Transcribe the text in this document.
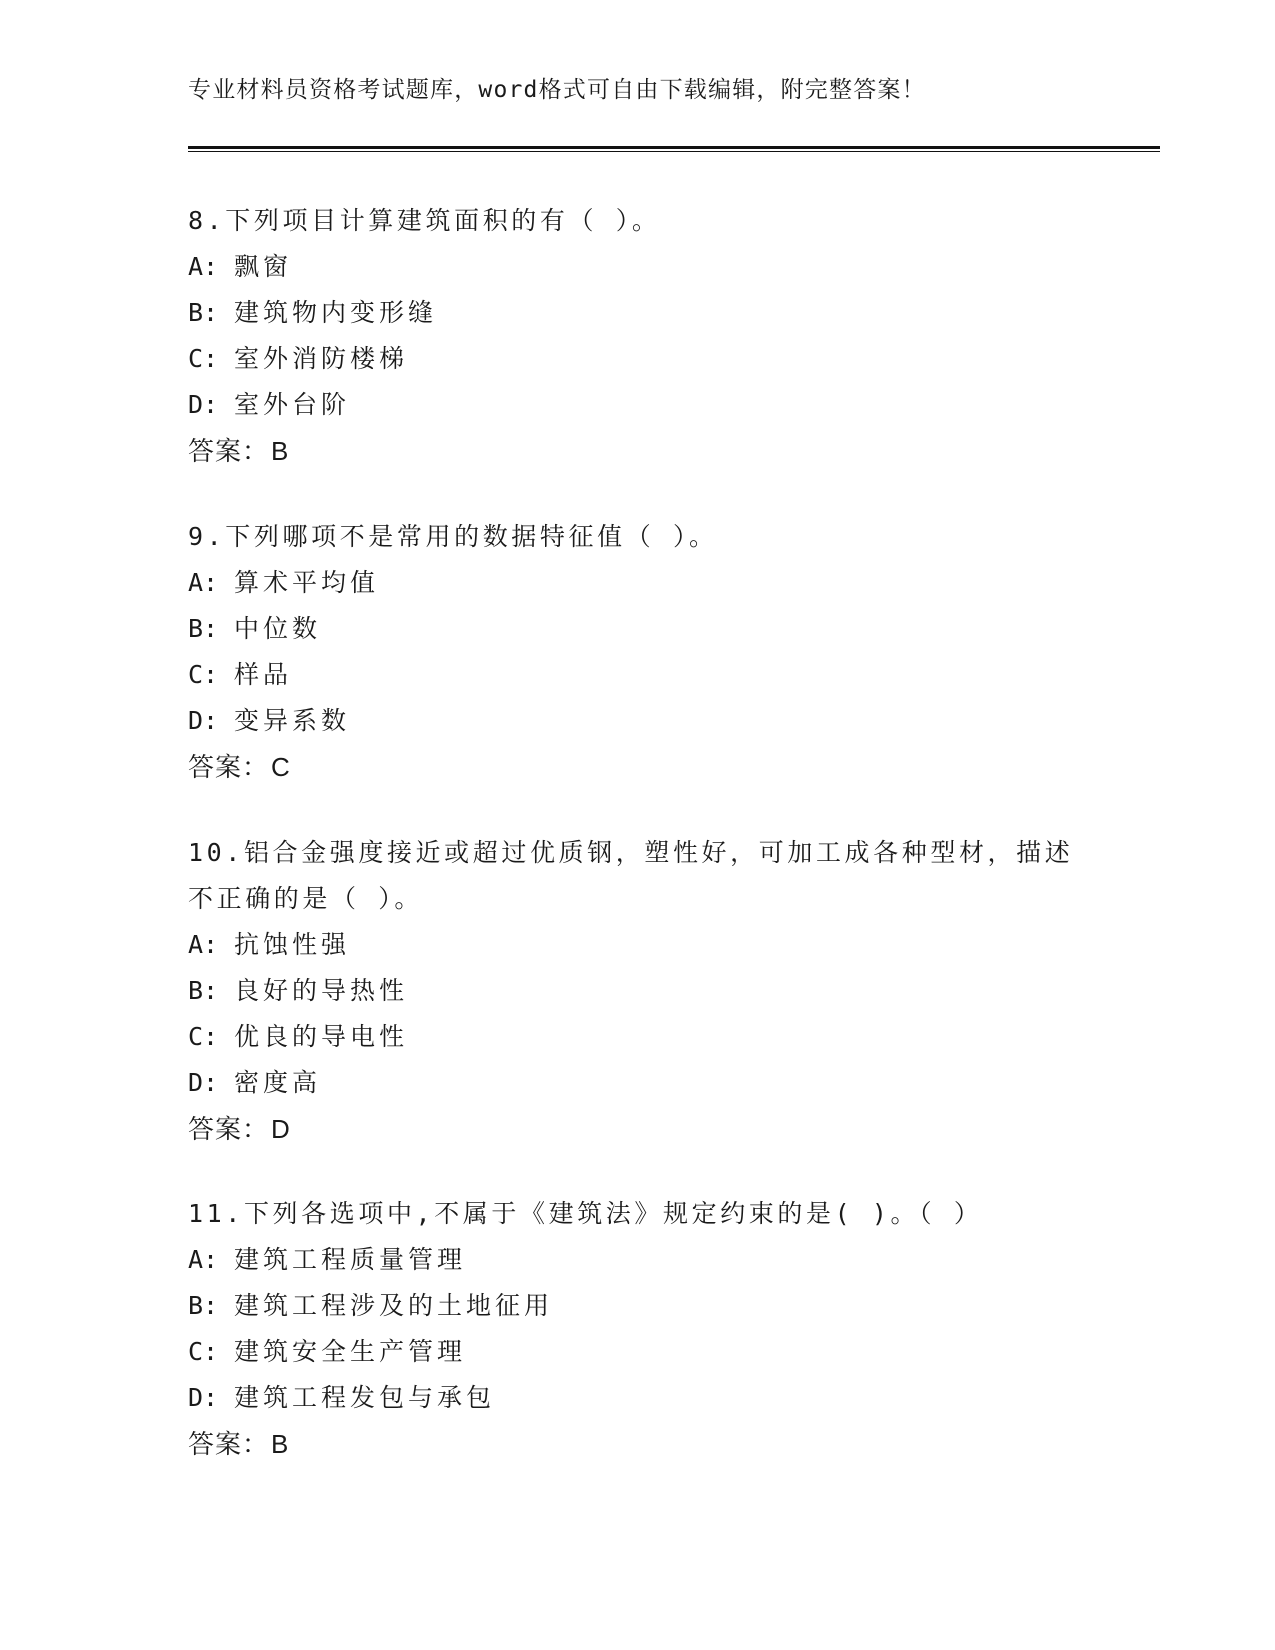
专业材料员资格考试题库，word格式可自由下载编辑，附完整答案！
8.下列项目计算建筑面积的有（ ）。
A: 飘窗
B: 建筑物内变形缝
C: 室外消防楼梯
D: 室外台阶
答案：B
9.下列哪项不是常用的数据特征值（ ）。
A: 算术平均值
B: 中位数
C: 样品
D: 变异系数
答案：C
10.铝合金强度接近或超过优质钢，塑性好，可加工成各种型材，描述
不正确的是（ ）。
A: 抗蚀性强
B: 良好的导热性
C: 优良的导电性
D: 密度高
答案：D
11.下列各选项中,不属于《建筑法》规定约束的是( )。（ ）
A: 建筑工程质量管理
B: 建筑工程涉及的土地征用
C: 建筑安全生产管理
D: 建筑工程发包与承包
答案：B
